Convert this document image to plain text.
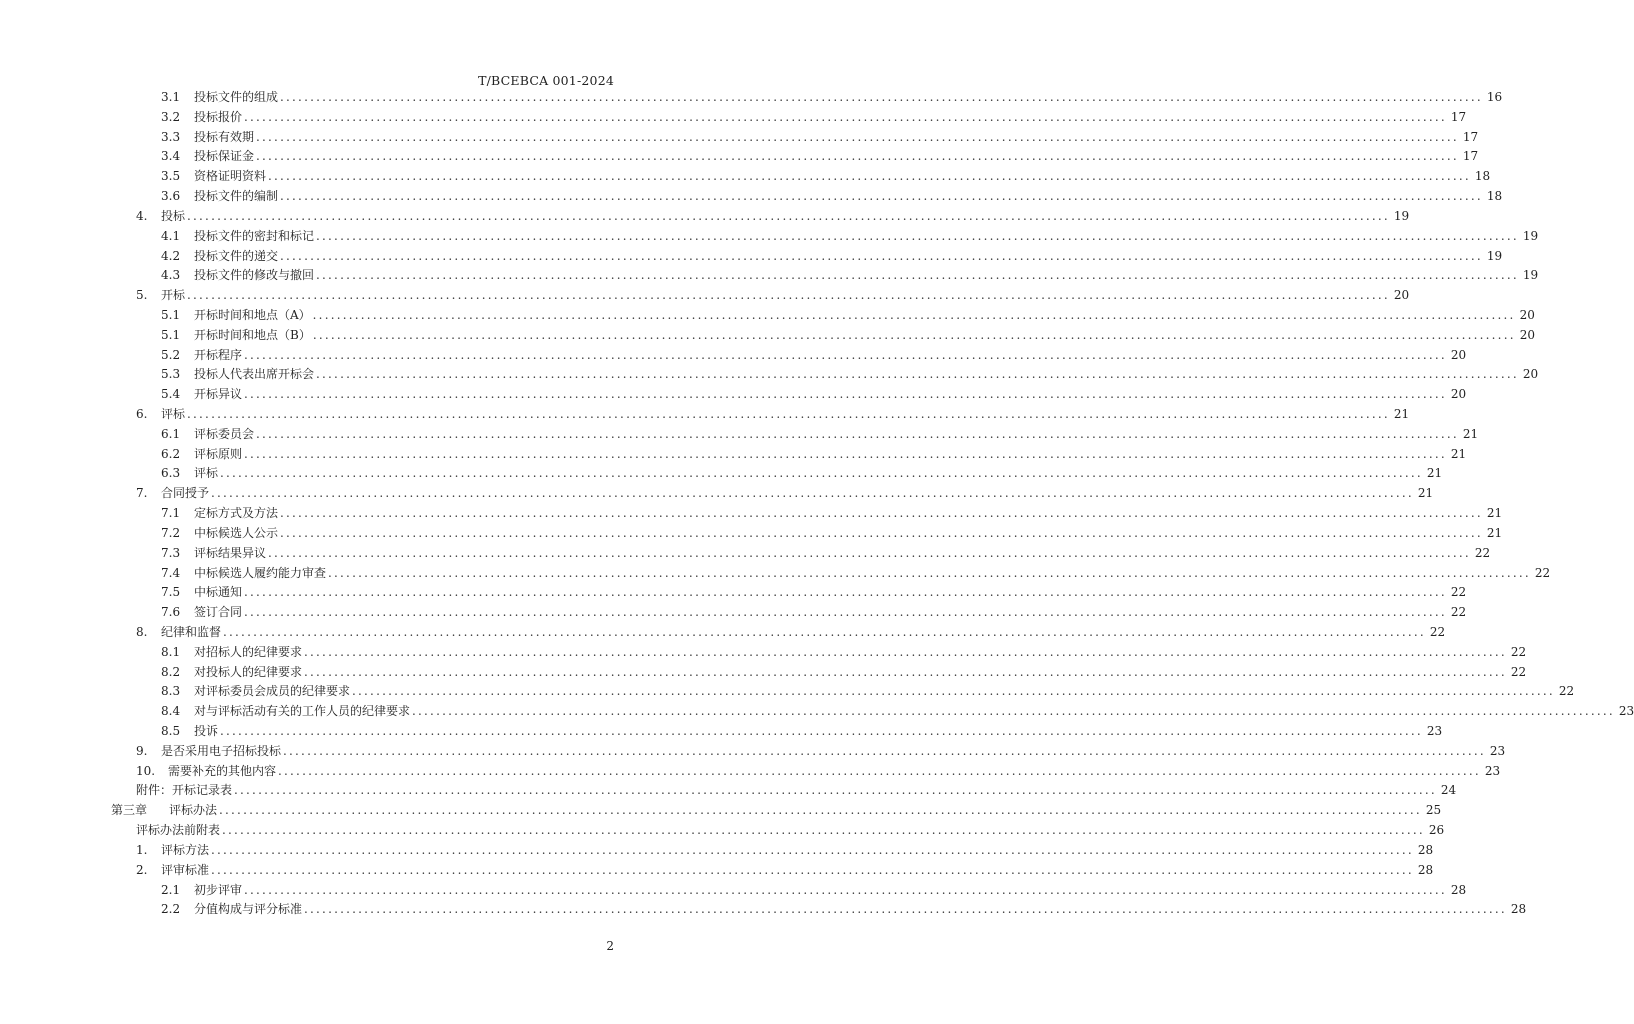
T/BCEBCA 001-2024
3.1 投标文件的组成 ........................................................................................................................................................................................................ 16
3.2 投标报价 ........................................................................................................................................................................................................ 17
3.3 投标有效期 ........................................................................................................................................................................................................ 17
3.4 投标保证金 ........................................................................................................................................................................................................ 17
3.5 资格证明资料 ........................................................................................................................................................................................................ 18
3.6 投标文件的编制 ........................................................................................................................................................................................................ 18
4. 投标 ........................................................................................................................................................................................................ 19
4.1 投标文件的密封和标记 ........................................................................................................................................................................................................ 19
4.2 投标文件的递交 ........................................................................................................................................................................................................ 19
4.3 投标文件的修改与撤回 ........................................................................................................................................................................................................ 19
5. 开标 ........................................................................................................................................................................................................ 20
5.1 开标时间和地点（A） ........................................................................................................................................................................................................ 20
5.1 开标时间和地点（B） ........................................................................................................................................................................................................ 20
5.2 开标程序 ........................................................................................................................................................................................................ 20
5.3 投标人代表出席开标会 ........................................................................................................................................................................................................ 20
5.4 开标异议 ........................................................................................................................................................................................................ 20
6. 评标 ........................................................................................................................................................................................................ 21
6.1 评标委员会 ........................................................................................................................................................................................................ 21
6.2 评标原则 ........................................................................................................................................................................................................ 21
6.3 评标 ........................................................................................................................................................................................................ 21
7. 合同授予 ........................................................................................................................................................................................................ 21
7.1 定标方式及方法 ........................................................................................................................................................................................................ 21
7.2 中标候选人公示 ........................................................................................................................................................................................................ 21
7.3 评标结果异议 ........................................................................................................................................................................................................ 22
7.4 中标候选人履约能力审查 ........................................................................................................................................................................................................ 22
7.5 中标通知 ........................................................................................................................................................................................................ 22
7.6 签订合同 ........................................................................................................................................................................................................ 22
8. 纪律和监督 ........................................................................................................................................................................................................ 22
8.1 对招标人的纪律要求 ........................................................................................................................................................................................................ 22
8.2 对投标人的纪律要求 ........................................................................................................................................................................................................ 22
8.3 对评标委员会成员的纪律要求 ........................................................................................................................................................................................................ 22
8.4 对与评标活动有关的工作人员的纪律要求 ........................................................................................................................................................................................................ 23
8.5 投诉 ........................................................................................................................................................................................................ 23
9. 是否采用电子招标投标 ........................................................................................................................................................................................................ 23
10. 需要补充的其他内容 ........................................................................................................................................................................................................ 23
附件：开标记录表 ........................................................................................................................................................................................................ 24
第三章 评标办法 ........................................................................................................................................................................................................ 25
评标办法前附表 ........................................................................................................................................................................................................ 26
1. 评标方法 ........................................................................................................................................................................................................ 28
2. 评审标准 ........................................................................................................................................................................................................ 28
2.1 初步评审 ........................................................................................................................................................................................................ 28
2.2 分值构成与评分标准 ........................................................................................................................................................................................................ 28
2
